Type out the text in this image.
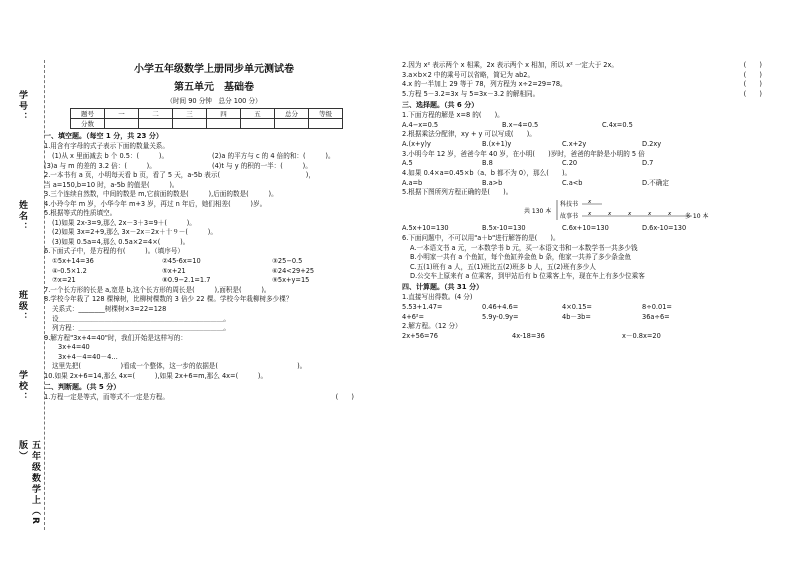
学号：
姓名：
班级：
学校：
五年级数学上（R版）
小学五年级数学上册同步单元测试卷
第五单元　基础卷
（时间 90 分钟　总分 100 分）
题号	一	二	三	四	五	总分	等级
分数							
一、填空题。（每空 1 分，共 23 分）
1.用含有字母的式子表示下面的数量关系。
(1)从 x 里面减去 b 个 0.5：(　　　)。	(2)a 的平方与 c 的 4 倍的和：(　　　)。
(3)a 与 m 的差的 3.2 倍：(　　　)。	(4)t 与 y 的积的一半：(　　　)。
2.一本书有 a 页，小明每天看 b 页，看了 5 天，a-5b 表示(　　　　　　　　　　　　　)，
当 a=150,b=10 时，a-5b 的值是(　　　)。
3.三个连续自然数，中间的数是 m,它前面的数是(　　　),后面的数是(　　　)。
4.小玲今年 m 岁，小华今年 m+3 岁，再过 n 年后，她们相差(　　　)岁。
5.根据等式的性质填空。
(1)如果 2x-3=9,那么 2x－3＋3=9＋(　　　)。
(2)如果 3x=2+9,那么 3x－2x＝2x＋十９－(　　　)。
(3)如果 0.5a=4,那么 0.5a×2=4×(　　　)。
6.下面式子中，是方程的有(　　　)。（填序号）
①5x+14=36	②45-6x=10	③25−0.5
④-0.5×1.2	⑤x+21	⑥24<29+25
⑦x=21	⑧0.9−2.1=1.7	⑨5x+y=15
7.一个长方形的长是 a,宽是 b,这个长方形的周长是(　　　),面积是(　　　)。
8.学校今年栽了 128 棵樟树，比柳树棵数的 3 倍少 22 棵。学校今年栽柳树多少棵？
关系式：________树棵树×3=22=128
设＿＿＿＿＿＿＿＿＿＿＿＿＿＿＿＿＿＿＿＿＿＿＿＿＿。
列方程：＿＿＿＿＿＿＿＿＿＿＿＿＿＿＿＿＿＿＿＿＿＿。
9.解方程"3x+4=40"时，我们开始是这样写的：
3x+4=40
3x+4－4=40－4…
这里先把(　　　　　　)看成一个整体，这一步的依据是(　　　　　　　　　　　　)。
10.如果 2x+6=14,那么 4x=(　　　),如果 2x+6=m,那么 4x=(　　　)。
二、判断题。（共 5 分）
1.方程一定是等式，而等式不一定是方程。	(　　)
2.因为 x² 表示两个 x 相乘，2x 表示两个 x 相加，所以 x² 一定大于 2x。	(　　)
3.a×b×2 中的乘号可以省略，简记为 ab2。	(　　)
4.x 的一半加上 29 等于 78，列方程为 x÷2=29=78。	(　　)
5.方程 5－3.2=3x 与 5=3x－3.2 的解相同。	(　　)
三、选择题。（共 6 分）
1.下面方程的解是 x=8 的(　　)。
A.4−x=0.5	B.x−4=0.5	C.4x=0.5
2.根据乘法分配律，xy + y 可以写成(　　)。
A.(x+y)y	B.(x+1)y	C.x+2y	D.2xy
3.小明今年 12 岁，爸爸今年 40 岁，在小明(　　)岁时，爸爸的年龄是小明的 5 倍
A.5	B.8	C.20	D.7
4.如果 0.4×a=0.45×b（a、b 都不为 0），那么(　　)。
A.a=b	B.a>b	C.a<b	D.不确定
5.根据下图所列方程正确的是(　　)。
共 130 本
科技书 x
故事书 x	x	x	x	x 多 10 本
A.5x+10=130	B.5x-10=130	C.6x+10=130	D.6x-10=130
6.下面问题中，不可以用"a＋b"进行解答的是(　　)。
A.一本语文书 a 元，一本数学书 b 元，买一本语文书和一本数学书一共多少钱
B.小明家一共有 a 个鱼缸，每个鱼缸养金鱼 b 条，他家一共养了多少条金鱼
C.五(1)班有 a 人，五(1)班比五(2)班多 b 人，五(2)班有多少人
D.公交车上原来有 a 位乘客，到甲站后有 b 位乘客上车，现在车上有多少位乘客
四、计算题。（共 31 分）
1.直接写出得数。(4 分)
5.53+1.47=	0.46+4.6=	4×0.15=	8÷0.01=
4+6²=	5.9y-0.9y=	4b－3b=	36a÷6=
2.解方程。（12 分）
2x+56=76	4x-18=36	x－0.8x=20
